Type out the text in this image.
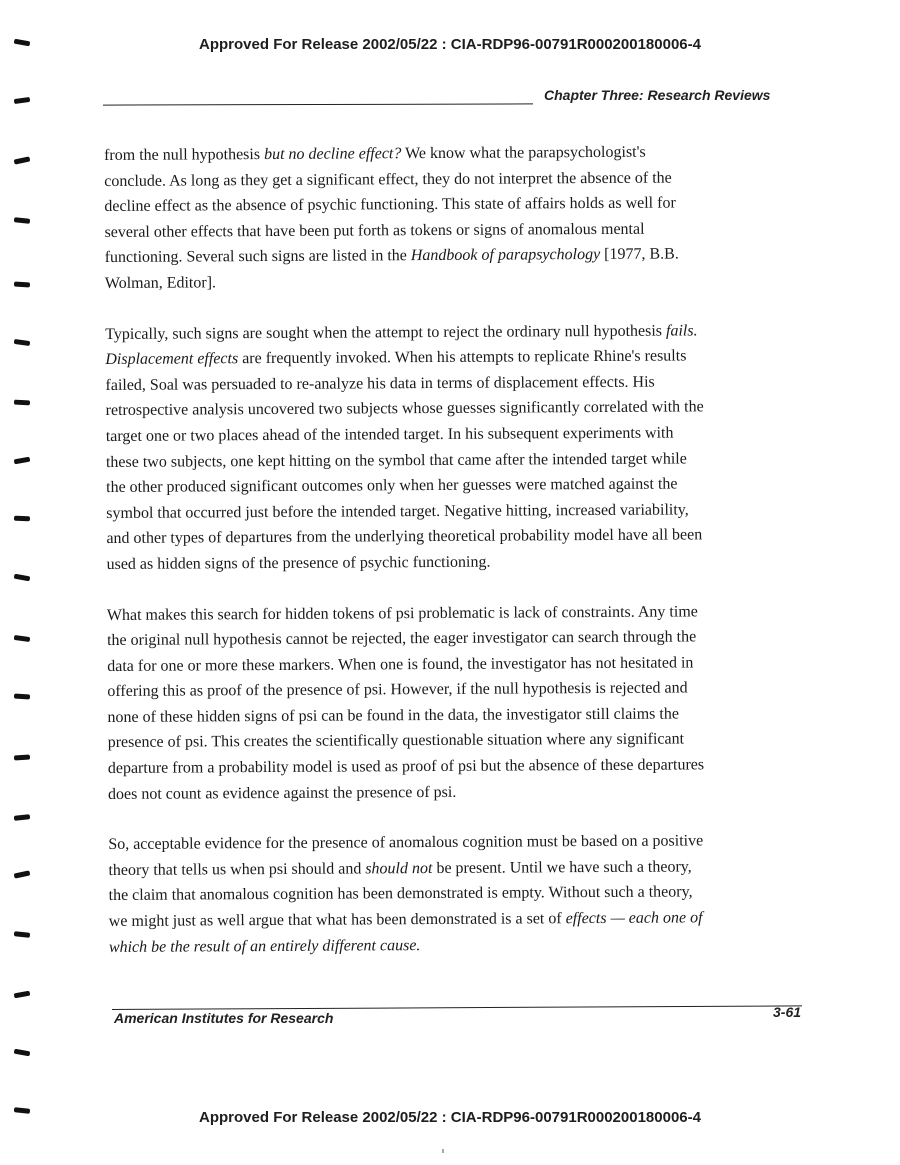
Approved For Release 2002/05/22 : CIA-RDP96-00791R000200180006-4
Chapter Three: Research Reviews

from the null hypothesis but no decline effect? We know what the parapsychologist's
conclude. As long as they get a significant effect, they do not interpret the absence of the
decline effect as the absence of psychic functioning. This state of affairs holds as well for
several other effects that have been put forth as tokens or signs of anomalous mental
functioning. Several such signs are listed in the Handbook of parapsychology [1977, B.B.
Wolman, Editor].

Typically, such signs are sought when the attempt to reject the ordinary null hypothesis fails.
Displacement effects are frequently invoked. When his attempts to replicate Rhine's results
failed, Soal was persuaded to re-analyze his data in terms of displacement effects. His
retrospective analysis uncovered two subjects whose guesses significantly correlated with the
target one or two places ahead of the intended target. In his subsequent experiments with
these two subjects, one kept hitting on the symbol that came after the intended target while
the other produced significant outcomes only when her guesses were matched against the
symbol that occurred just before the intended target. Negative hitting, increased variability,
and other types of departures from the underlying theoretical probability model have all been
used as hidden signs of the presence of psychic functioning.

What makes this search for hidden tokens of psi problematic is lack of constraints. Any time
the original null hypothesis cannot be rejected, the eager investigator can search through the
data for one or more these markers. When one is found, the investigator has not hesitated in
offering this as proof of the presence of psi. However, if the null hypothesis is rejected and
none of these hidden signs of psi can be found in the data, the investigator still claims the
presence of psi. This creates the scientifically questionable situation where any significant
departure from a probability model is used as proof of psi but the absence of these departures
does not count as evidence against the presence of psi.

So, acceptable evidence for the presence of anomalous cognition must be based on a positive
theory that tells us when psi should and should not be present. Until we have such a theory,
the claim that anomalous cognition has been demonstrated is empty. Without such a theory,
we might just as well argue that what has been demonstrated is a set of effects — each one of
which be the result of an entirely different cause.

American Institutes for Research	3-61
Approved For Release 2002/05/22 : CIA-RDP96-00791R000200180006-4
